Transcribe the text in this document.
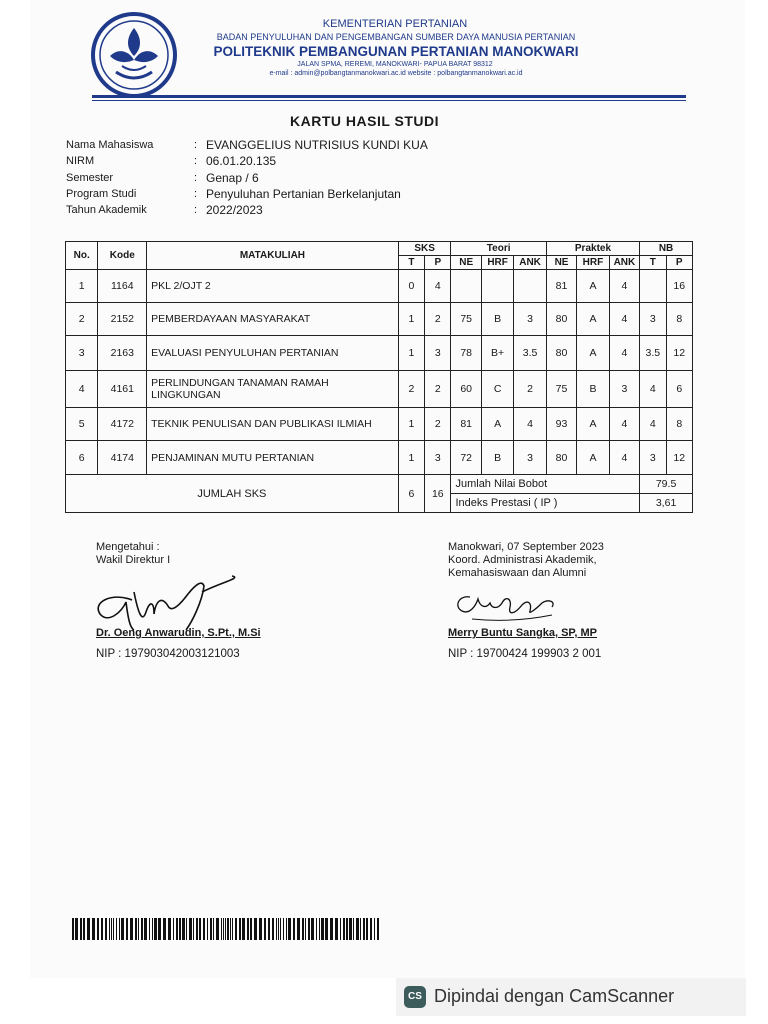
KEMENTERIAN PERTANIAN
BADAN PENYULUHAN DAN PENGEMBANGAN SUMBER DAYA MANUSIA PERTANIAN
POLITEKNIK PEMBANGUNAN PERTANIAN MANOKWARI
JALAN SPMA, REREMI, MANOKWARI- PAPUA BARAT 98312
e-mail : admin@polbangtanmanokwari.ac.id website : polbangtanmanokwari.ac.id
KARTU HASIL STUDI
Nama Mahasiswa	: EVANGGELIUS NUTRISIUS KUNDI KUA
NIRM	: 06.01.20.135
Semester	: Genap / 6
Program Studi	: Penyuluhan Pertanian Berkelanjutan
Tahun Akademik	: 2022/2023
No.	Kode	MATAKULIAH	SKS		Teori			Praktek			NB	
			T	P	NE	HRF	ANK	NE	HRF	ANK	T	P
1	1164	PKL 2/OJT 2	0	4				81	A	4		16
2	2152	PEMBERDAYAAN MASYARAKAT	1	2	75	B	3	80	A	4	3	8
3	2163	EVALUASI PENYULUHAN PERTANIAN	1	3	78	B+	3.5	80	A	4	3.5	12
4	4161	PERLINDUNGAN TANAMAN RAMAH LINGKUNGAN	2	2	60	C	2	75	B	3	4	6
5	4172	TEKNIK PENULISAN DAN PUBLIKASI ILMIAH	1	2	81	A	4	93	A	4	4	8
6	4174	PENJAMINAN MUTU PERTANIAN	1	3	72	B	3	80	A	4	3	12
JUMLAH SKS			6	16	Jumlah Nilai Bobot						79.5	
					Indeks Prestasi ( IP )						3,61	
Mengetahui :
Wakil Direktur I
Dr. Oeng Anwarudin, S.Pt., M.Si
NIP : 197903042003121003
Manokwari, 07 September 2023
Koord. Administrasi Akademik,
Kemahasiswaan dan Alumni
Merry Buntu Sangka, SP, MP
NIP : 19700424 199903 2 001
CS Dipindai dengan CamScanner
